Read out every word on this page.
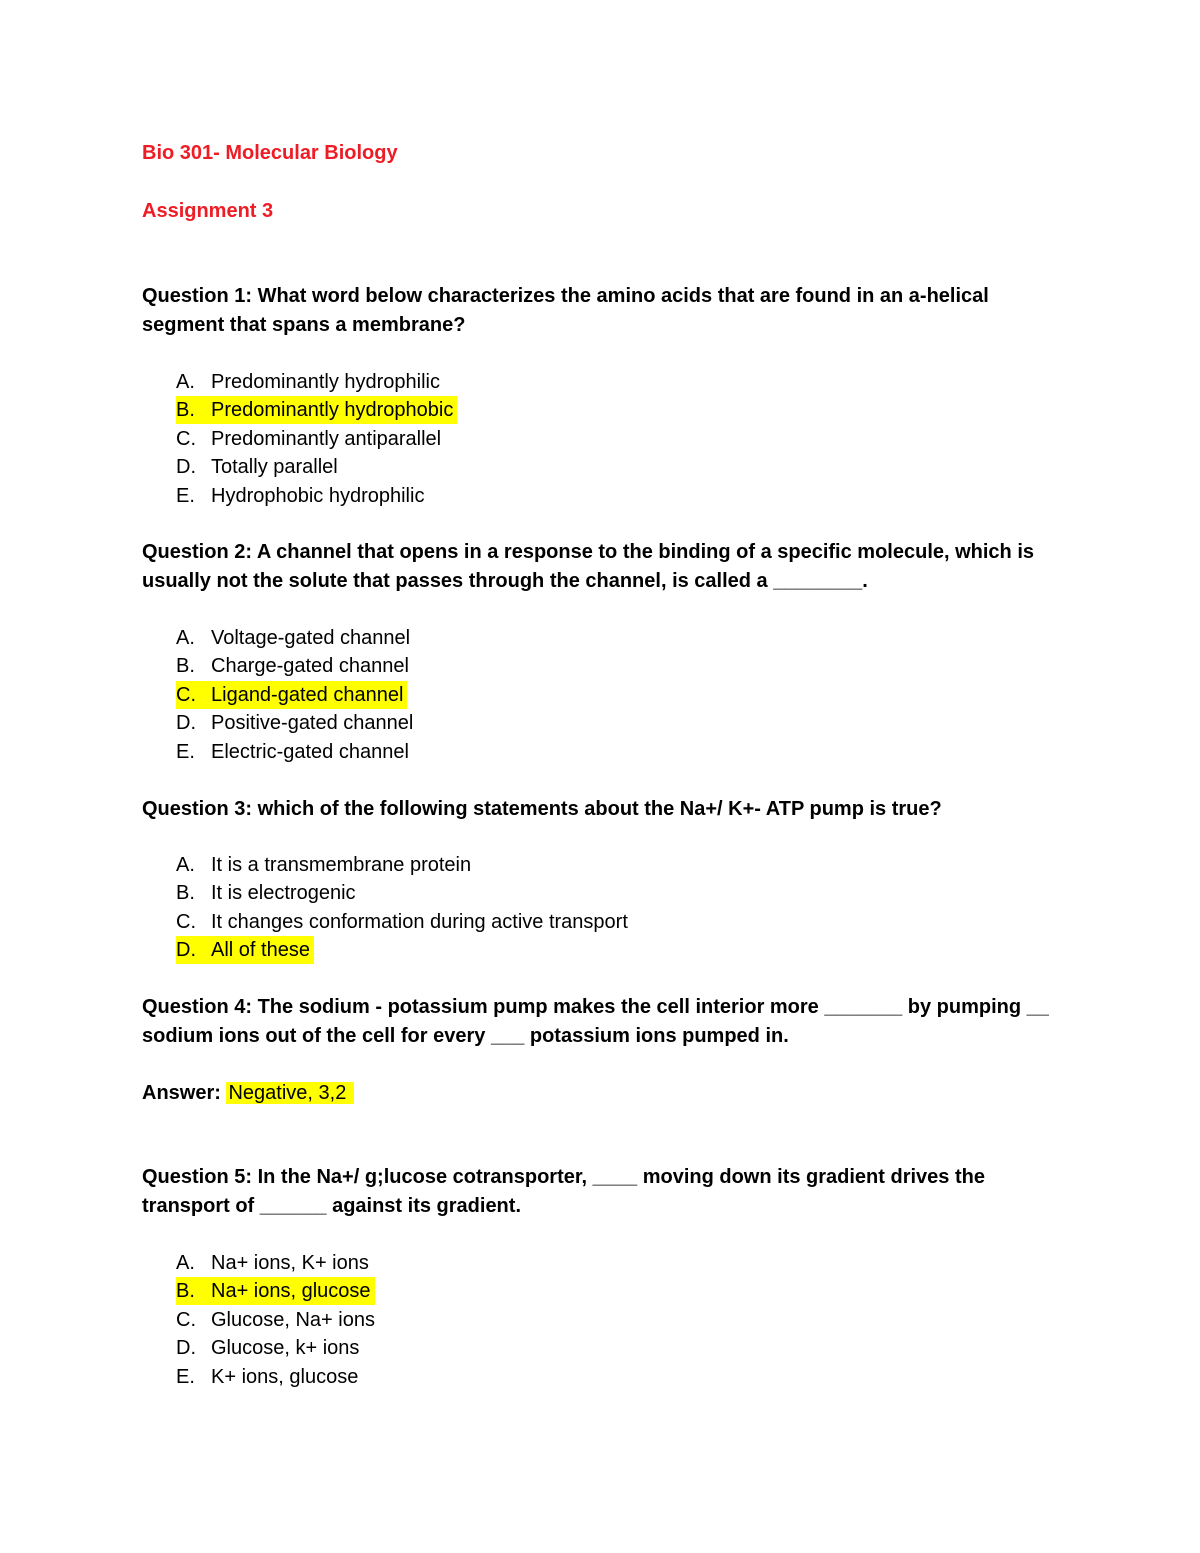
Bio 301- Molecular Biology
Assignment 3
Question 1: What word below characterizes the amino acids that are found in an a-helical segment that spans a membrane?
A. Predominantly hydrophilic
B. Predominantly hydrophobic
C. Predominantly antiparallel
D. Totally parallel
E. Hydrophobic hydrophilic
Question 2: A channel that opens in a response to the binding of a specific molecule, which is usually not the solute that passes through the channel, is called a ________.
A. Voltage-gated channel
B. Charge-gated channel
C. Ligand-gated channel
D. Positive-gated channel
E. Electric-gated channel
Question 3: which of the following statements about the Na+/ K+- ATP pump is true?
A. It is a transmembrane protein
B. It is electrogenic
C. It changes conformation during active transport
D. All of these
Question 4: The sodium - potassium pump makes the cell interior more _______ by pumping __ sodium ions out of the cell for every ___ potassium ions pumped in.
Answer: Negative, 3,2
Question 5: In the Na+/ g;lucose cotransporter, ____ moving down its gradient drives the transport of ______ against its gradient.
A. Na+ ions, K+ ions
B. Na+ ions, glucose
C. Glucose, Na+ ions
D. Glucose, k+ ions
E. K+ ions, glucose
